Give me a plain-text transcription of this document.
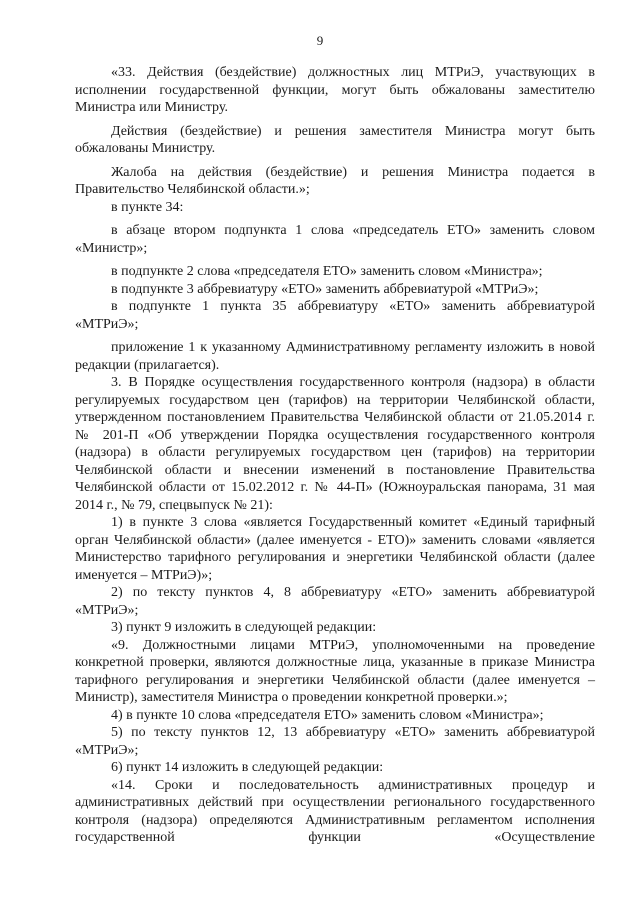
9

«33. Действия (бездействие) должностных лиц МТРиЭ, участвующих в исполнении государственной функции, могут быть обжалованы заместителю Министра или Министру.

Действия (бездействие) и решения заместителя Министра могут быть обжалованы Министру.

Жалоба на действия (бездействие) и решения Министра подается в Правительство Челябинской области.»;

в пункте 34:

в абзаце втором подпункта 1 слова «председатель ЕТО» заменить словом «Министр»;

в подпункте 2 слова «председателя ЕТО» заменить словом «Министра»;

в подпункте 3 аббревиатуру «ЕТО» заменить аббревиатурой «МТРиЭ»;

в подпункте 1 пункта 35 аббревиатуру «ЕТО» заменить аббревиатурой «МТРиЭ»;

приложение 1 к указанному Административному регламенту изложить в новой редакции (прилагается).

3. В Порядке осуществления государственного контроля (надзора) в области регулируемых государством цен (тарифов) на территории Челябинской области, утвержденном постановлением Правительства Челябинской области от 21.05.2014 г. № 201-П «Об утверждении Порядка осуществления государственного контроля (надзора) в области регулируемых государством цен (тарифов) на территории Челябинской области и внесении изменений в постановление Правительства Челябинской области от 15.02.2012 г. № 44-П» (Южноуральская панорама, 31 мая 2014 г., № 79, спецвыпуск № 21):

1) в пункте 3 слова «является Государственный комитет «Единый тарифный орган Челябинской области» (далее именуется - ЕТО)» заменить словами «является Министерство тарифного регулирования и энергетики Челябинской области (далее именуется – МТРиЭ)»;

2) по тексту пунктов 4, 8 аббревиатуру «ЕТО» заменить аббревиатурой «МТРиЭ»;

3) пункт 9 изложить в следующей редакции:

«9. Должностными лицами МТРиЭ, уполномоченными на проведение конкретной проверки, являются должностные лица, указанные в приказе Министра тарифного регулирования и энергетики Челябинской области (далее именуется – Министр), заместителя Министра о проведении конкретной проверки.»;

4) в пункте 10 слова «председателя ЕТО» заменить словом «Министра»;

5) по тексту пунктов 12, 13 аббревиатуру «ЕТО» заменить аббревиатурой «МТРиЭ»;

6) пункт 14 изложить в следующей редакции:

«14. Сроки и последовательность административных процедур и административных действий при осуществлении регионального государственного контроля (надзора) определяются Административным регламентом исполнения государственной функции «Осуществление
